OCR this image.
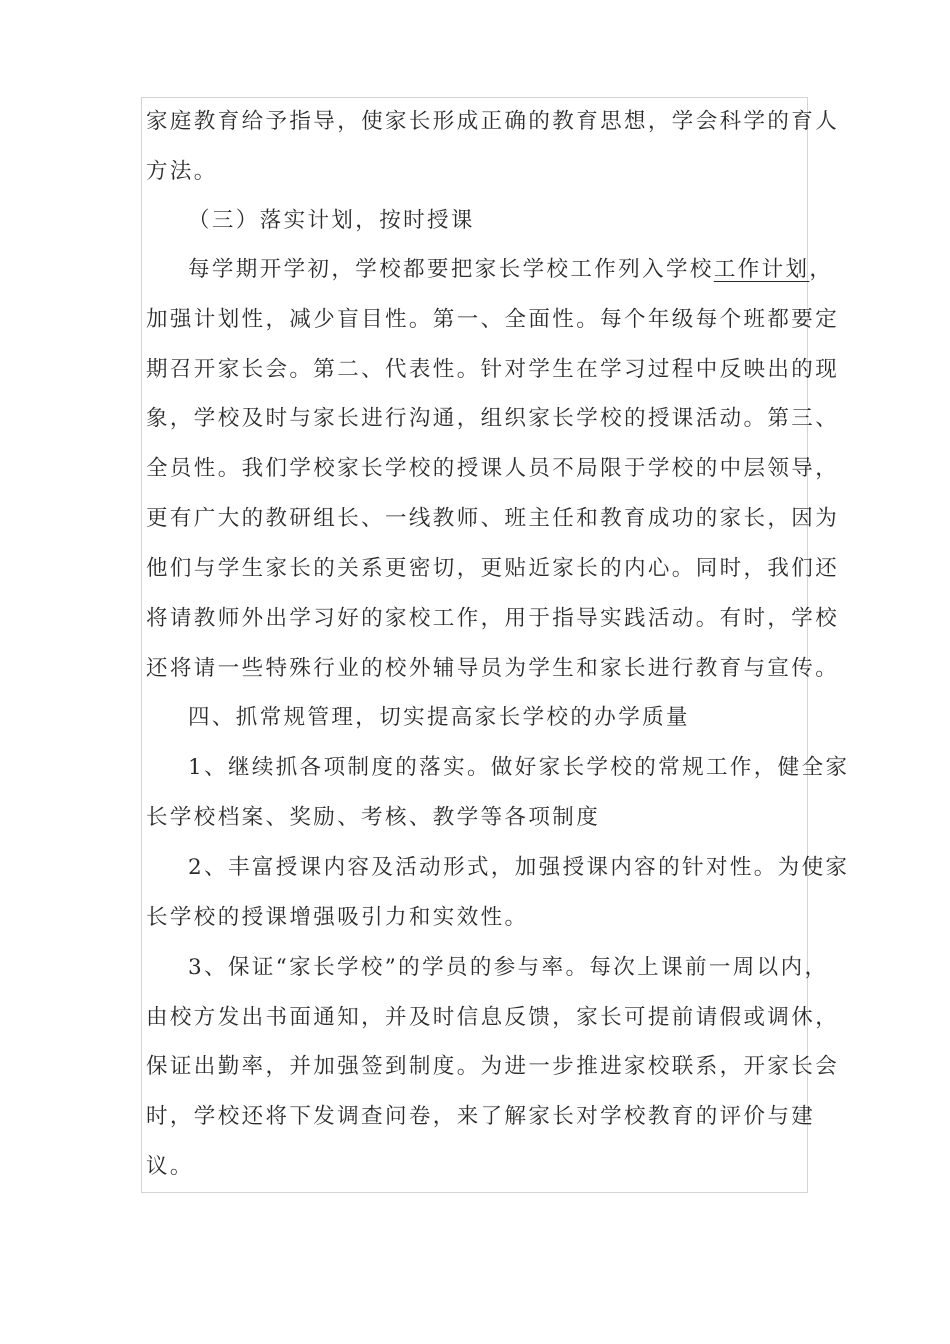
家庭教育给予指导，使家长形成正确的教育思想，学会科学的育人
方法。
（三）落实计划，按时授课
每学期开学初，学校都要把家长学校工作列入学校工作计划，
加强计划性，减少盲目性。第一、全面性。每个年级每个班都要定
期召开家长会。第二、代表性。针对学生在学习过程中反映出的现
象，学校及时与家长进行沟通，组织家长学校的授课活动。第三、
全员性。我们学校家长学校的授课人员不局限于学校的中层领导，
更有广大的教研组长、一线教师、班主任和教育成功的家长，因为
他们与学生家长的关系更密切，更贴近家长的内心。同时，我们还
将请教师外出学习好的家校工作，用于指导实践活动。有时，学校
还将请一些特殊行业的校外辅导员为学生和家长进行教育与宣传。
四、抓常规管理，切实提高家长学校的办学质量
1、继续抓各项制度的落实。做好家长学校的常规工作，健全家
长学校档案、奖励、考核、教学等各项制度
2、丰富授课内容及活动形式，加强授课内容的针对性。为使家
长学校的授课增强吸引力和实效性。
3、保证“家长学校”的学员的参与率。每次上课前一周以内，
由校方发出书面通知，并及时信息反馈，家长可提前请假或调休，
保证出勤率，并加强签到制度。为进一步推进家校联系，开家长会
时，学校还将下发调查问卷，来了解家长对学校教育的评价与建
议。
